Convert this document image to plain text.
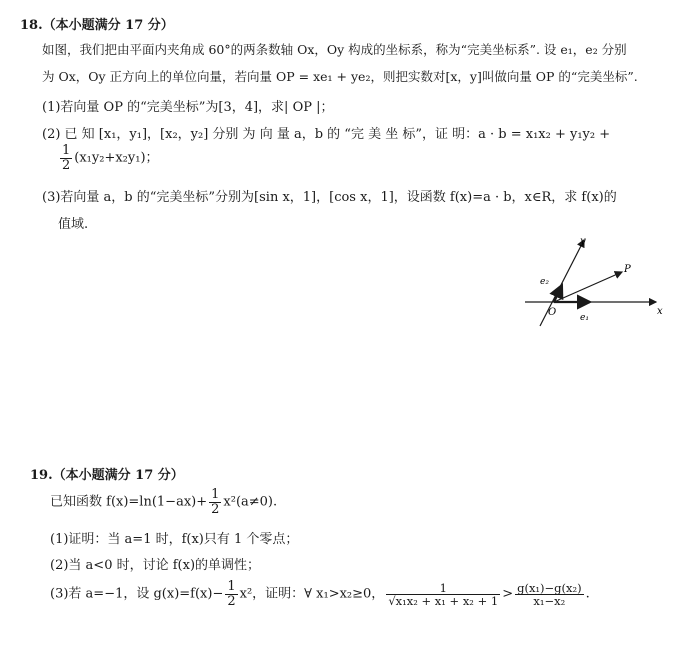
18.（本小题满分 17 分）
如图，我们把由平面内夹角成 60°的两条数轴 Ox，Oy 构成的坐标系，称为“完美坐标系”. 设 e₁，e₂ 分别
为 Ox，Oy 正方向上的单位向量，若向量 OP = xe₁ + ye₂，则把实数对[x，y]叫做向量 OP 的“完美坐标”.
(1)若向量 OP 的“完美坐标”为[3，4]，求| OP |；
(2) 已 知 [x₁，y₁]，[x₂，y₂] 分别 为 向 量 a，b 的 “完 美 坐 标”，证 明：a · b = x₁x₂ + y₁y₂ +
$\frac{1}{2} (x_1y_2+x_2y_1)$；
(3)若向量 a，b 的“完美坐标”分别为[sin x，1]，[cos x，1]，设函数 f(x)=a · b，x∈R，求 f(x)的
值域.
y
x
O	e₁
e₂
P
19.（本小题满分 17 分）
已知函数 $f(x)=\ln(1-ax)+ \frac{1}{2} x^2(a\ne 0)$.
(1)证明：当 a=1 时，f(x)只有 1 个零点；
(2)当 a<0 时，讨论 f(x)的单调性；
(3)若 a=−1，设 $g(x)=f(x)- \frac{1}{2} x^2$，证明：∀ x₁>x₂≥0， $\frac{1}{\text{√x₁x₂ + x₁ + x₂ + 1}} > \frac{\text{g(x₁)−g(x₂)}}{\text{x₁−x₂}}$ .
